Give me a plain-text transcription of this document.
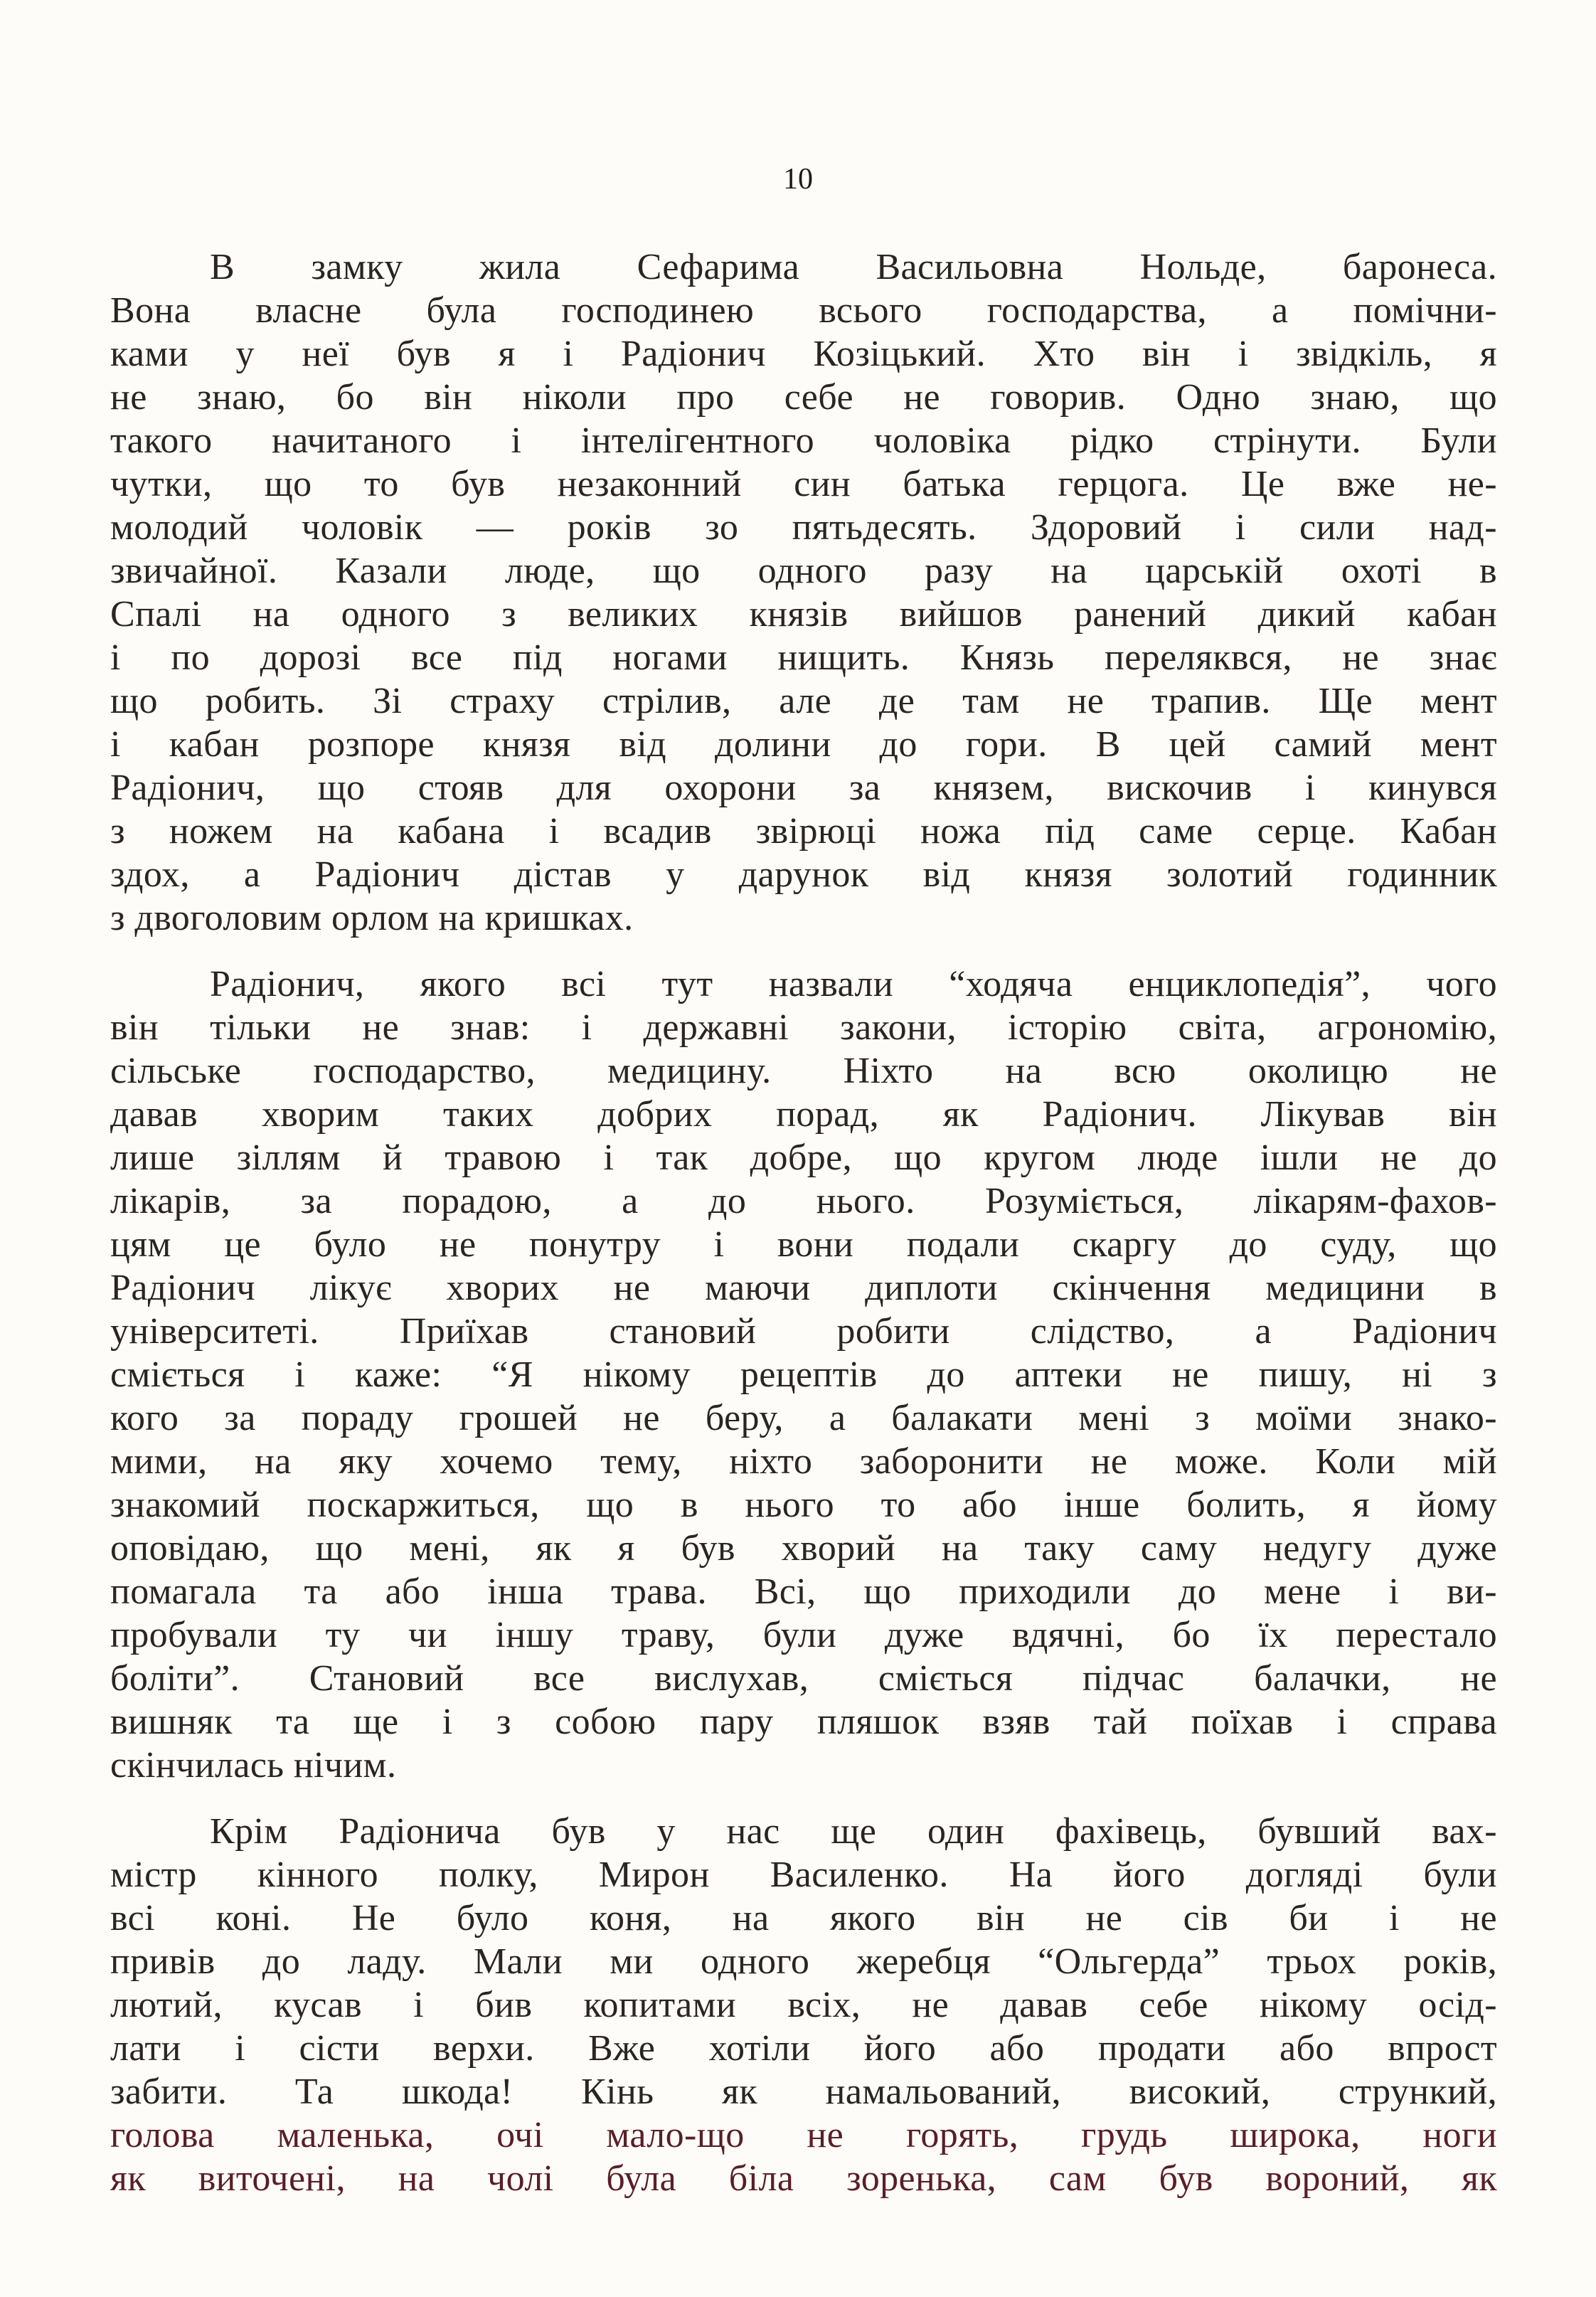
10
В замку жила Сефарима Васильовна Нольде, баронеса.
Вона власне була господинею всього господарства, а помічни-
ками у неї був я і Радіонич Козіцький. Хто він і звідкіль, я
не знаю, бо він ніколи про себе не говорив. Одно знаю, що
такого начитаного і інтелігентного чоловіка рідко стрінути. Були
чутки, що то був незаконний син батька герцога. Це вже не-
молодий чоловік — років зо пятьдесять. Здоровий і сили над-
звичайної. Казали люде, що одного разу на царській охоті в
Спалі на одного з великих князів вийшов ранений дикий кабан
і по дорозі все під ногами нищить. Князь переляквся, не знає
що робить. Зі страху стрілив, але де там не трапив. Ще мент
і кабан розпоре князя від долини до гори. В цей самий мент
Радіонич, що стояв для охорони за князем, вискочив і кинувся
з ножем на кабана і всадив звірюці ножа під саме серце. Кабан
здох, а Радіонич дістав у дарунок від князя золотий годинник
з двоголовим орлом на кришках.
Радіонич, якого всі тут назвали “ходяча енциклопедія”, чого
він тільки не знав: і державні закони, історію світа, агрономію,
сільське господарство, медицину. Ніхто на всю околицю не
давав хворим таких добрих порад, як Радіонич. Лікував він
лише зіллям й травою і так добре, що кругом люде ішли не до
лікарів, за порадою, а до нього. Розуміється, лікарям-фахов-
цям це було не понутру і вони подали скаргу до суду, що
Радіонич лікує хворих не маючи диплоти скінчення медицини в
університеті. Приїхав становий робити слідство, а Радіонич
сміється і каже: “Я нікому рецептів до аптеки не пишу, ні з
кого за пораду грошей не беру, а балакати мені з моїми знако-
мими, на яку хочемо тему, ніхто заборонити не може. Коли мій
знакомий поскаржиться, що в нього то або інше болить, я йому
оповідаю, що мені, як я був хворий на таку саму недугу дуже
помагала та або інша трава. Всі, що приходили до мене і ви-
пробували ту чи іншу траву, були дуже вдячні, бо їх перестало
боліти”. Становий все вислухав, сміється підчас балачки, не
вишняк та ще і з собою пару пляшок взяв тай поїхав і справа
скінчилась нічим.
Крім Радіонича був у нас ще один фахівець, бувший вах-
містр кінного полку, Мирон Василенко. На його догляді були
всі коні. Не було коня, на якого він не сів би і не
привів до ладу. Мали ми одного жеребця “Ольгерда” трьох років,
лютий, кусав і бив копитами всіх, не давав себе нікому осід-
лати і сісти верхи. Вже хотіли його або продати або впрост
забити. Та шкода! Кінь як намальований, високий, стрункий,
голова маленька, очі мало-що не горять, грудь широка, ноги
як виточені, на чолі була біла зоренька, сам був вороний, як
